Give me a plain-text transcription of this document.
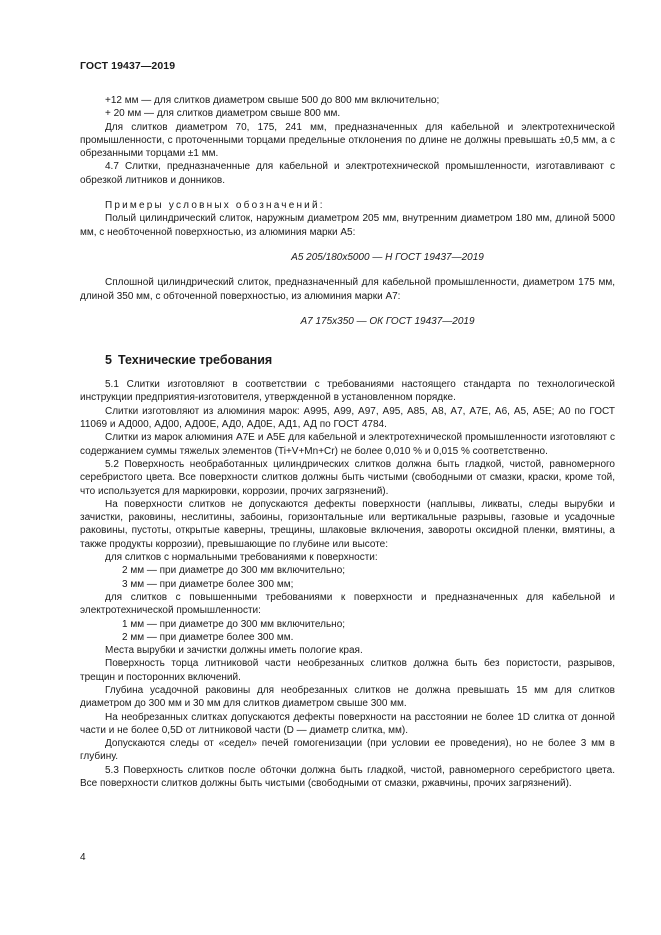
ГОСТ 19437—2019

+12 мм — для слитков диаметром свыше 500 до 800 мм включительно;

+ 20 мм — для слитков диаметром свыше 800 мм.

Для слитков диаметром 70, 175, 241 мм, предназначенных для кабельной и электротехнической промышленности, с проточенными торцами предельные отклонения по длине не должны превышать ±0,5 мм, а с обрезанными торцами ±1 мм.

4.7 Слитки, предназначенные для кабельной и электротехнической промышленности, изготавливают с обрезкой литников и донников.

Примеры условных обозначений:

Полый цилиндрический слиток, наружным диаметром 205 мм, внутренним диаметром 180 мм, длиной 5000 мм, с необточенной поверхностью, из алюминия марки А5:

А5 205/180х5000 — Н ГОСТ 19437—2019

Сплошной цилиндрический слиток, предназначенный для кабельной промышленности, диаметром 175 мм, длиной 350 мм, с обточенной поверхностью, из алюминия марки А7:

А7 175х350 — ОК ГОСТ 19437—2019

5 Технические требования

5.1 Слитки изготовляют в соответствии с требованиями настоящего стандарта по технологической инструкции предприятия-изготовителя, утвержденной в установленном порядке.

Слитки изготовляют из алюминия марок: А995, А99, А97, А95, А85, А8, А7, А7Е, А6, А5, А5Е; А0 по ГОСТ 11069 и АД000, АД00, АД00Е, АД0, АД0Е, АД1, АД по ГОСТ 4784.

Слитки из марок алюминия А7Е и А5Е для кабельной и электротехнической промышленности изготовляют с содержанием суммы тяжелых элементов (Ti+V+Mn+Cr) не более 0,010 % и 0,015 % соответственно.

5.2 Поверхность необработанных цилиндрических слитков должна быть гладкой, чистой, равномерного серебристого цвета. Все поверхности слитков должны быть чистыми (свободными от смазки, краски, кроме той, что используется для маркировки, коррозии, прочих загрязнений).

На поверхности слитков не допускаются дефекты поверхности (наплывы, ликваты, следы вырубки и зачистки, раковины, неслитины, забоины, горизонтальные или вертикальные разрывы, газовые и усадочные раковины, пустоты, открытые каверны, трещины, шлаковые включения, завороты оксидной пленки, вмятины, а также продукты коррозии), превышающие по глубине или высоте:

для слитков с нормальными требованиями к поверхности:

2 мм — при диаметре до 300 мм включительно;

3 мм — при диаметре более 300 мм;

для слитков с повышенными требованиями к поверхности и предназначенных для кабельной и электротехнической промышленности:

1 мм — при диаметре до 300 мм включительно;

2 мм — при диаметре более 300 мм.

Места вырубки и зачистки должны иметь пологие края.

Поверхность торца литниковой части необрезанных слитков должна быть без пористости, разрывов, трещин и посторонних включений.

Глубина усадочной раковины для необрезанных слитков не должна превышать 15 мм для слитков диаметром до 300 мм и 30 мм для слитков диаметром свыше 300 мм.

На необрезанных слитках допускаются дефекты поверхности на расстоянии не более 1D слитка от донной части и не более 0,5D от литниковой части (D — диаметр слитка, мм).

Допускаются следы от «седел» печей гомогенизации (при условии ее проведения), но не более 3 мм в глубину.

5.3 Поверхность слитков после обточки должна быть гладкой, чистой, равномерного серебристого цвета. Все поверхности слитков должны быть чистыми (свободными от смазки, ржавчины, прочих загрязнений).

4
